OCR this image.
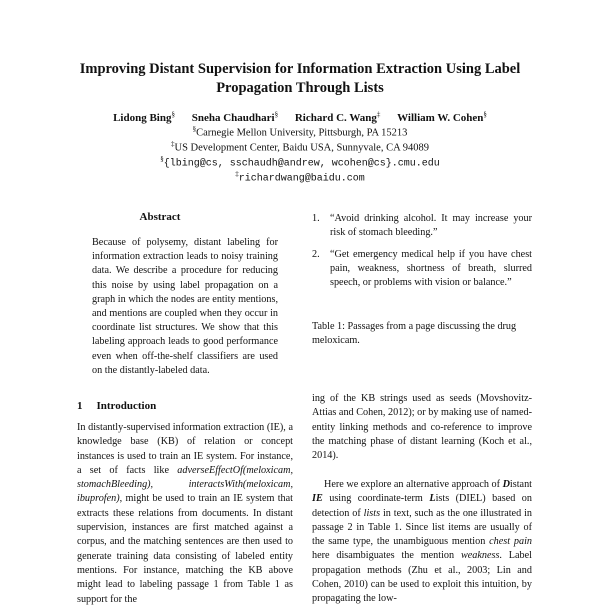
Improving Distant Supervision for Information Extraction Using Label
Propagation Through Lists
Lidong Bing§ Sneha Chaudhari§ Richard C. Wang‡ William W. Cohen§
§Carnegie Mellon University, Pittsburgh, PA 15213
‡US Development Center, Baidu USA, Sunnyvale, CA 94089
§{lbing@cs, sschaudh@andrew, wcohen@cs}.cmu.edu
‡richardwang@baidu.com
Abstract
Because of polysemy, distant labeling for information extraction leads to noisy training data. We describe a procedure for reducing this noise by using label propagation on a graph in which the nodes are entity mentions, and mentions are coupled when they occur in coordinate list structures. We show that this labeling approach leads to good performance even when off-the-shelf classifiers are used on the distantly-labeled data.
1 Introduction

In distantly-supervised information extraction (IE), a knowledge base (KB) of relation or concept instances is used to train an IE system. For instance, a set of facts like adverseEffectOf(meloxicam, stomachBleeding), interactsWith(meloxicam, ibuprofen), might be used to train an IE system that extracts these relations from documents. In distant supervision, instances are first matched against a corpus, and the matching sentences are then used to generate training data consisting of labeled entity mentions. For instance, matching the KB above might lead to labeling passage 1 from Table 1 as support for the

1. “Avoid drinking alcohol. It may increase your risk of stomach bleeding.”
2. “Get emergency medical help if you have chest pain, weakness, shortness of breath, slurred speech, or problems with vision or balance.”
Table 1: Passages from a page discussing the drug meloxicam.
ing of the KB strings used as seeds (Movshovitz-Attias and Cohen, 2012); or by making use of named-entity linking methods and co-reference to improve the matching phase of distant learning (Koch et al., 2014).

Here we explore an alternative approach of Distant IE using coordinate-term Lists (DIEL) based on detection of lists in text, such as the one illustrated in passage 2 in Table 1. Since list items are usually of the same type, the unambiguous mention chest pain here disambiguates the mention weakness. Label propagation methods (Zhu et al., 2003; Lin and Cohen, 2010) can be used to exploit this intuition, by propagating the low-
